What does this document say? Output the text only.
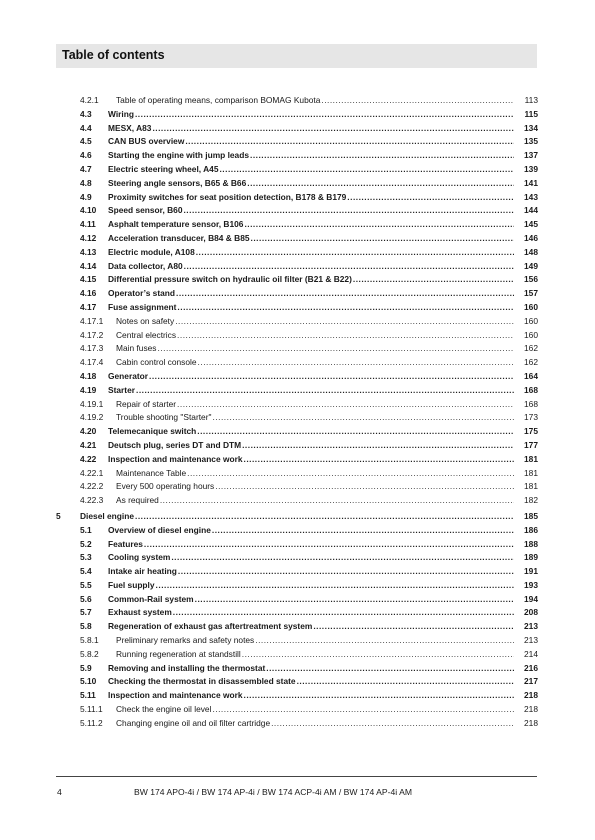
Table of contents
4.2.1 Table of operating means, comparison BOMAG Kubota .....	113
4.3 Wiring .....	115
4.4 MESX, A83 .....	134
4.5 CAN BUS overview .....	135
4.6 Starting the engine with jump leads .....	137
4.7 Electric steering wheel, A45 .....	139
4.8 Steering angle sensors, B65 & B66 .....	141
4.9 Proximity switches for seat position detection, B178 & B179 .....	143
4.10 Speed sensor, B60 .....	144
4.11 Asphalt temperature sensor, B106 .....	145
4.12 Acceleration transducer, B84 & B85 .....	146
4.13 Electric module, A108 .....	148
4.14 Data collector, A80 .....	149
4.15 Differential pressure switch on hydraulic oil filter (B21 & B22) .....	156
4.16 Operator’s stand .....	157
4.17 Fuse assignment .....	160
4.17.1 Notes on safety .....	160
4.17.2 Central electrics .....	160
4.17.3 Main fuses .....	162
4.17.4 Cabin control console .....	162
4.18 Generator .....	164
4.19 Starter .....	168
4.19.1 Repair of starter .....	168
4.19.2 Trouble shooting "Starter" .....	173
4.20 Telemecanique switch .....	175
4.21 Deutsch plug, series DT and DTM .....	177
4.22 Inspection and maintenance work .....	181
4.22.1 Maintenance Table .....	181
4.22.2 Every 500 operating hours .....	181
4.22.3 As required .....	182
5 Diesel engine .....	185
5.1 Overview of diesel engine .....	186
5.2 Features .....	188
5.3 Cooling system .....	189
5.4 Intake air heating .....	191
5.5 Fuel supply .....	193
5.6 Common-Rail system .....	194
5.7 Exhaust system .....	208
5.8 Regeneration of exhaust gas aftertreatment system .....	213
5.8.1 Preliminary remarks and safety notes .....	213
5.8.2 Running regeneration at standstill .....	214
5.9 Removing and installing the thermostat .....	216
5.10 Checking the thermostat in disassembled state .....	217
5.11 Inspection and maintenance work .....	218
5.11.1 Check the engine oil level .....	218
5.11.2 Changing engine oil and oil filter cartridge .....	218
4	BW 174 APO-4i / BW 174 AP-4i / BW 174 ACP-4i AM / BW 174 AP-4i AM
